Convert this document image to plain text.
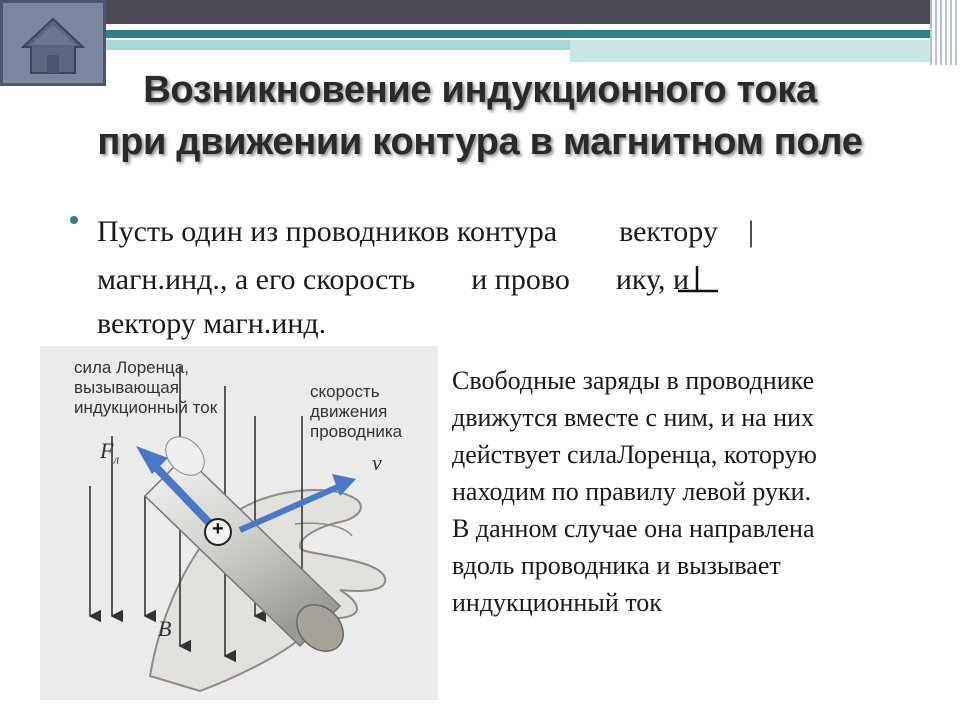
Возникновение индукционного тока
при движении контура в магнитном поле
Пусть один из проводников контура вектору |
магн.инд., а его скорость и прово ику, и
вектору магн.инд.
сила Лоренца,
вызывающая
индукционный ток
скорость
движения
проводника
$F_л$	v
B
+
Свободные заряды в проводнике
движутся вместе с ним, и на них
действует силаЛоренца, которую
находим по правилу левой руки.
В данном случае она направлена
вдоль проводника и вызывает
индукционный ток
